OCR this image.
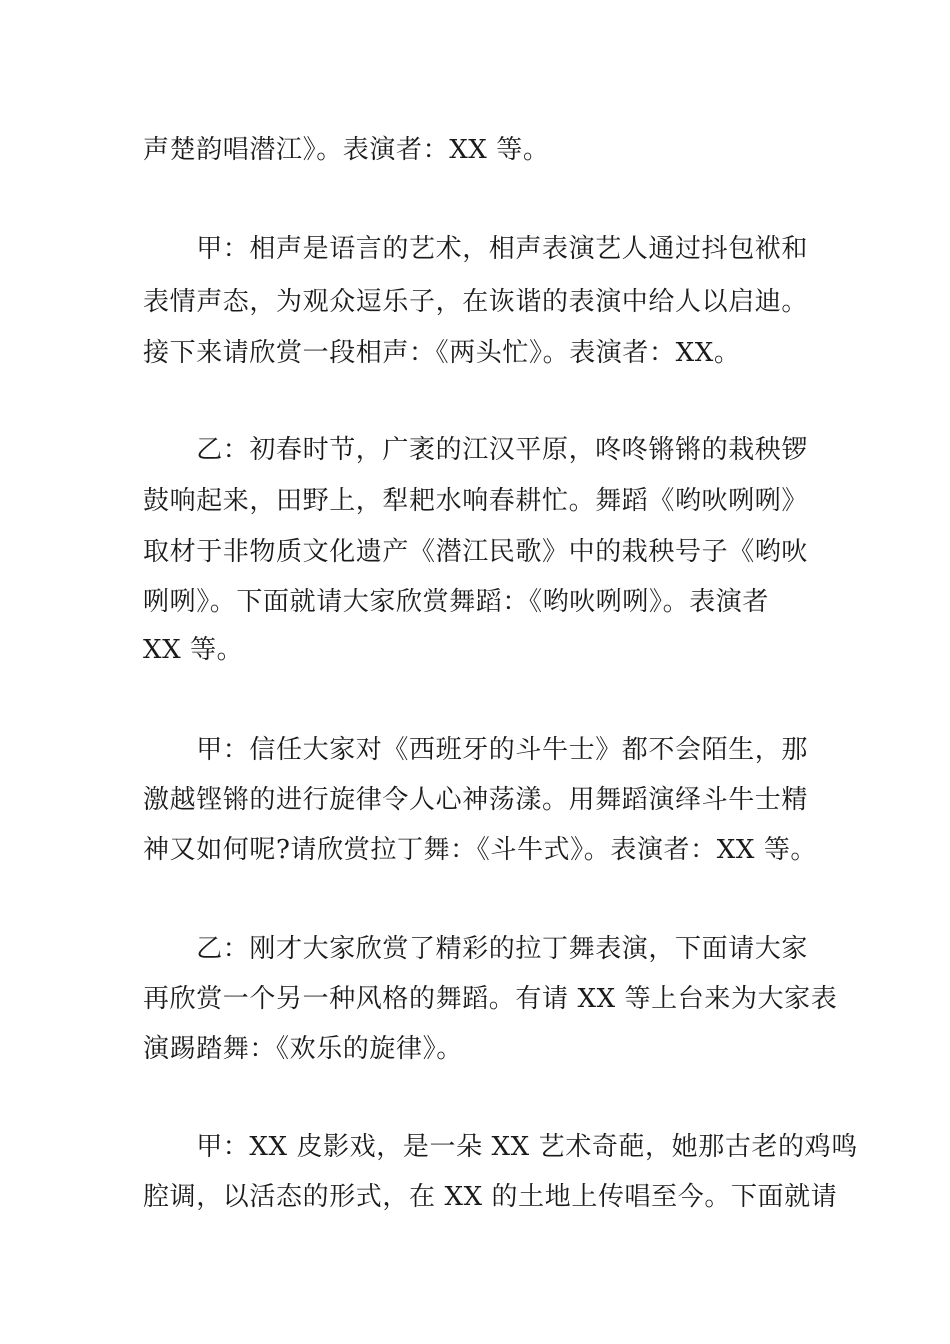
声楚韵唱潜江》。表演者：XX 等。
　　甲：相声是语言的艺术，相声表演艺人通过抖包袱和
表情声态，为观众逗乐子，在诙谐的表演中给人以启迪。
接下来请欣赏一段相声：《两头忙》。表演者：XX。
　　乙：初春时节，广袤的江汉平原，咚咚锵锵的栽秧锣
鼓响起来，田野上，犁耙水响春耕忙。舞蹈《哟吙咧咧》
取材于非物质文化遗产《潜江民歌》中的栽秧号子《哟吙
咧咧》。下面就请大家欣赏舞蹈：《哟吙咧咧》。表演者
XX 等。
　　甲：信任大家对《西班牙的斗牛士》都不会陌生，那
激越铿锵的进行旋律令人心神荡漾。用舞蹈演绎斗牛士精
神又如何呢?请欣赏拉丁舞：《斗牛式》。表演者：XX 等。
　　乙：刚才大家欣赏了精彩的拉丁舞表演，下面请大家
再欣赏一个另一种风格的舞蹈。有请 XX 等上台来为大家表
演踢踏舞：《欢乐的旋律》。
　　甲：XX 皮影戏，是一朵 XX 艺术奇葩，她那古老的鸡鸣
腔调，以活态的形式，在 XX 的土地上传唱至今。下面就请
